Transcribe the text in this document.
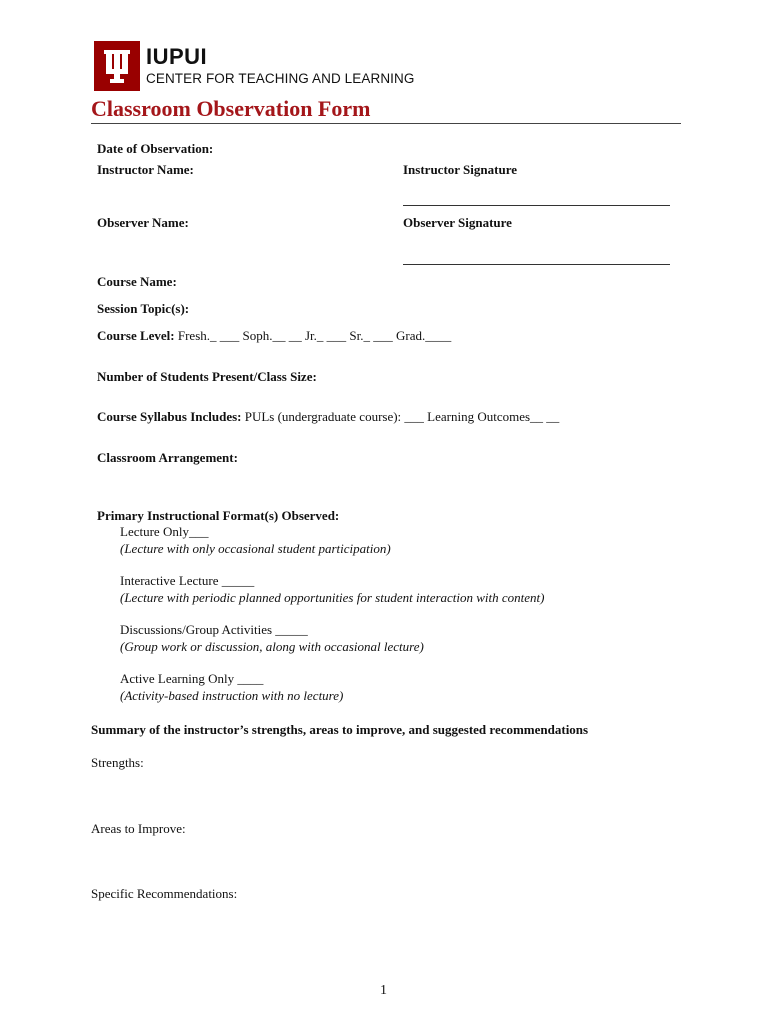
IUPUI
CENTER FOR TEACHING AND LEARNING
Classroom Observation Form
Date of Observation:
Instructor Name:	Instructor Signature
Observer Name:	Observer Signature
Course Name:
Session Topic(s):
Course Level: Fresh._ ___ Soph.__ __ Jr._ ___ Sr._ ___ Grad.____
Number of Students Present/Class Size:
Course Syllabus Includes: PULs (undergraduate course): ___ Learning Outcomes__ __
Classroom Arrangement:
Primary Instructional Format(s) Observed:
Lecture Only___
(Lecture with only occasional student participation)
Interactive Lecture _____
(Lecture with periodic planned opportunities for student interaction with content)
Discussions/Group Activities _____
(Group work or discussion, along with occasional lecture)
Active Learning Only ____
(Activity-based instruction with no lecture)
Summary of the instructor’s strengths, areas to improve, and suggested recommendations
Strengths:
Areas to Improve:
Specific Recommendations:
1
